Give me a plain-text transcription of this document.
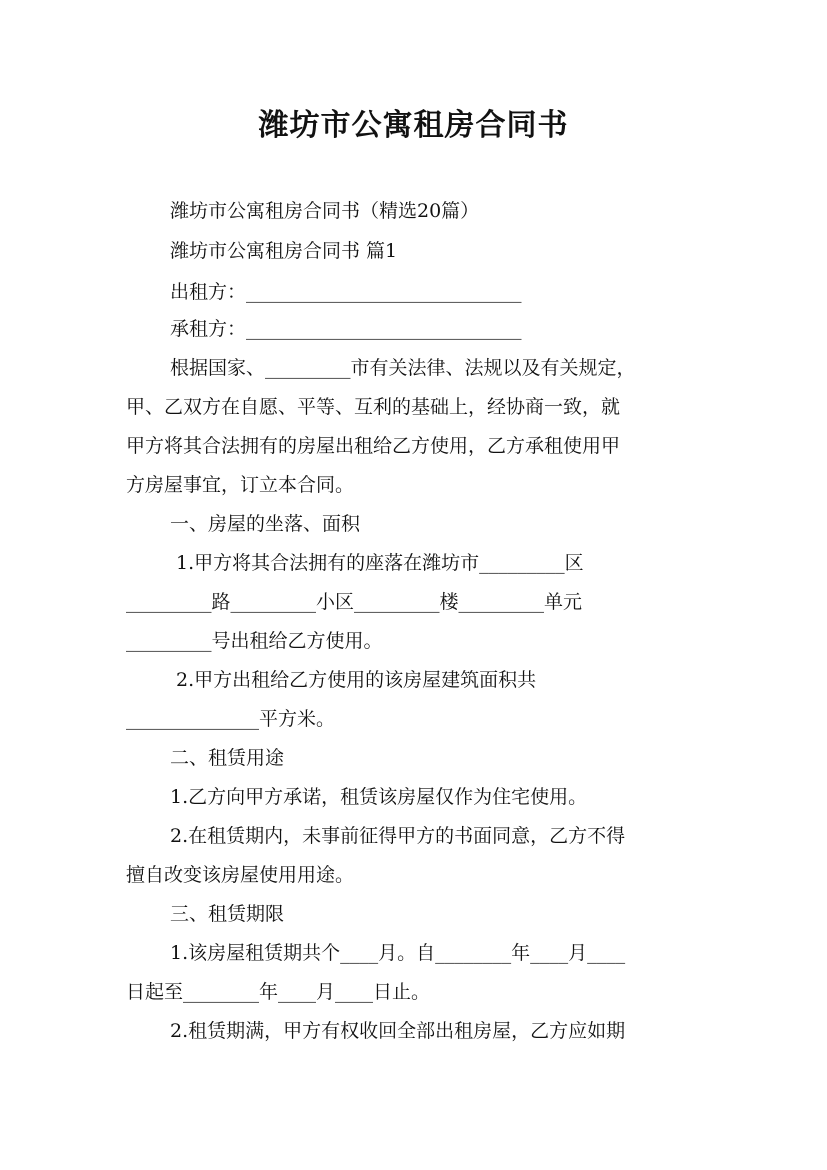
潍坊市公寓租房合同书
潍坊市公寓租房合同书（精选20篇）
潍坊市公寓租房合同书 篇1
出租方：_____________________________
承租方：_____________________________
根据国家、_________市有关法律、法规以及有关规定，
甲、乙双方在自愿、平等、互利的基础上，经协商一致，就
甲方将其合法拥有的房屋出租给乙方使用，乙方承租使用甲
方房屋事宜，订立本合同。
一、房屋的坐落、面积
1.甲方将其合法拥有的座落在潍坊市_________区
_________路_________小区_________楼_________单元
_________号出租给乙方使用。
2.甲方出租给乙方使用的该房屋建筑面积共
______________平方米。
二、租赁用途
1.乙方向甲方承诺，租赁该房屋仅作为住宅使用。
2.在租赁期内，未事前征得甲方的书面同意，乙方不得
擅自改变该房屋使用用途。
三、租赁期限
1.该房屋租赁期共个____月。自________年____月____
日起至________年____月____日止。
2.租赁期满，甲方有权收回全部出租房屋，乙方应如期
